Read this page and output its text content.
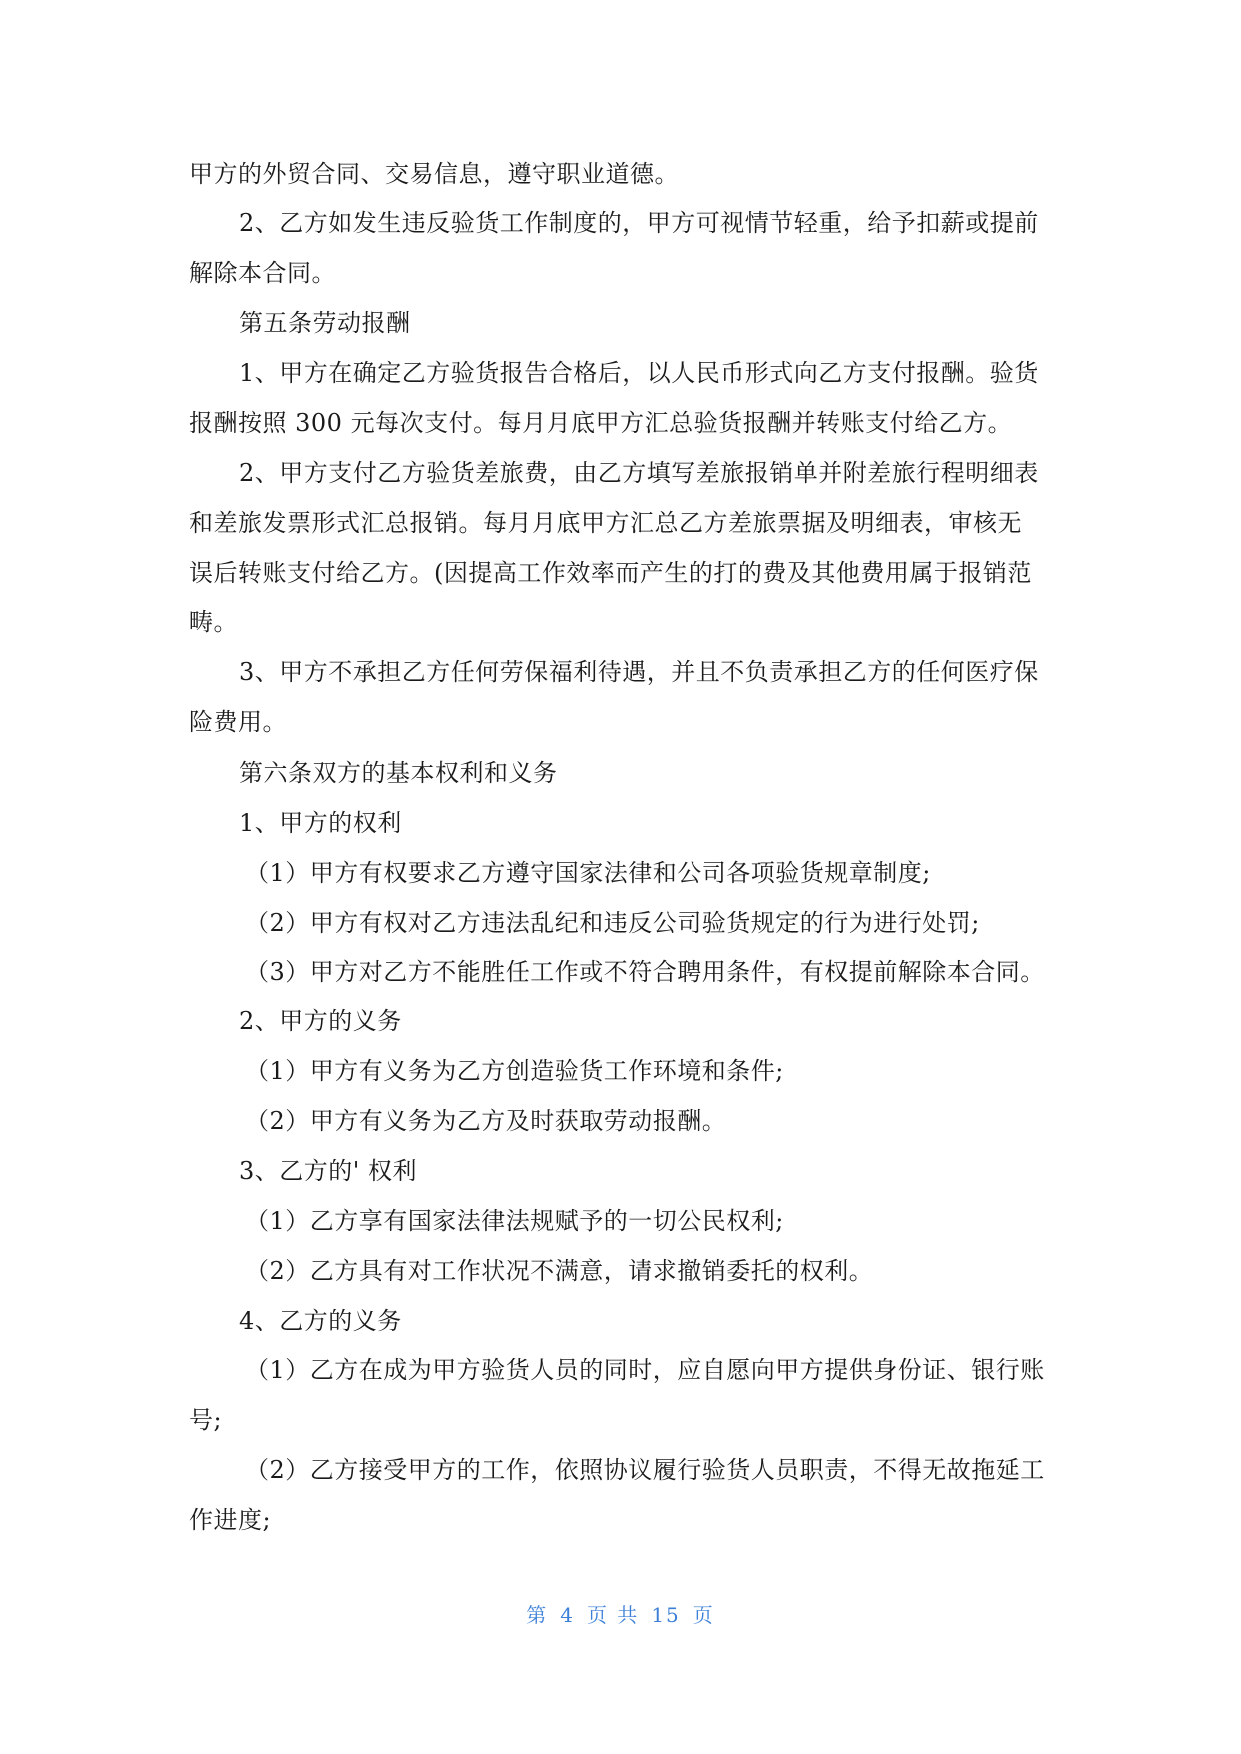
甲方的外贸合同、交易信息，遵守职业道德。
2、乙方如发生违反验货工作制度的，甲方可视情节轻重，给予扣薪或提前
解除本合同。
第五条劳动报酬
1、甲方在确定乙方验货报告合格后，以人民币形式向乙方支付报酬。验货
报酬按照 300 元每次支付。每月月底甲方汇总验货报酬并转账支付给乙方。
2、甲方支付乙方验货差旅费，由乙方填写差旅报销单并附差旅行程明细表
和差旅发票形式汇总报销。每月月底甲方汇总乙方差旅票据及明细表，审核无
误后转账支付给乙方。(因提高工作效率而产生的打的费及其他费用属于报销范
畴。
3、甲方不承担乙方任何劳保福利待遇，并且不负责承担乙方的任何医疗保
险费用。
第六条双方的基本权利和义务
1、甲方的权利
（1）甲方有权要求乙方遵守国家法律和公司各项验货规章制度;
（2）甲方有权对乙方违法乱纪和违反公司验货规定的行为进行处罚;
（3）甲方对乙方不能胜任工作或不符合聘用条件，有权提前解除本合同。
2、甲方的义务
（1）甲方有义务为乙方创造验货工作环境和条件;
（2）甲方有义务为乙方及时获取劳动报酬。
3、乙方的' 权利
（1）乙方享有国家法律法规赋予的一切公民权利;
（2）乙方具有对工作状况不满意，请求撤销委托的权利。
4、乙方的义务
（1）乙方在成为甲方验货人员的同时，应自愿向甲方提供身份证、银行账
号;
（2）乙方接受甲方的工作，依照协议履行验货人员职责，不得无故拖延工
作进度;
第 4 页 共 15 页
